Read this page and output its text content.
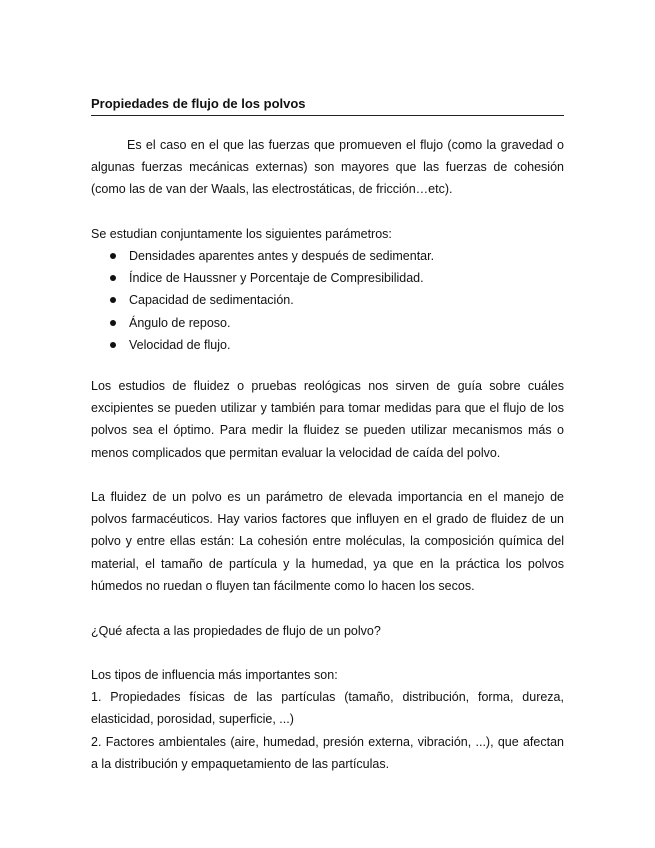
Propiedades de flujo de los polvos

Es el caso en el que las fuerzas que promueven el flujo (como la gravedad o
algunas fuerzas mecánicas externas) son mayores que las fuerzas de cohesión
(como las de van der Waals, las electrostáticas, de fricción…etc).

Se estudian conjuntamente los siguientes parámetros:
Densidades aparentes antes y después de sedimentar.
Índice de Haussner y Porcentaje de Compresibilidad.
Capacidad de sedimentación.
Ángulo de reposo.
Velocidad de flujo.

Los estudios de fluidez o pruebas reológicas nos sirven de guía sobre cuáles
excipientes se pueden utilizar y también para tomar medidas para que el flujo de los
polvos sea el óptimo. Para medir la fluidez se pueden utilizar mecanismos más o
menos complicados que permitan evaluar la velocidad de caída del polvo.

La fluidez de un polvo es un parámetro de elevada importancia en el manejo de
polvos farmacéuticos. Hay varios factores que influyen en el grado de fluidez de un
polvo y entre ellas están: La cohesión entre moléculas, la composición química del
material, el tamaño de partícula y la humedad, ya que en la práctica los polvos
húmedos no ruedan o fluyen tan fácilmente como lo hacen los secos.

¿Qué afecta a las propiedades de flujo de un polvo?
Los tipos de influencia más importantes son:

1. Propiedades físicas de las partículas (tamaño, distribución, forma, dureza,
elasticidad, porosidad, superficie, ...)

2. Factores ambientales (aire, humedad, presión externa, vibración, ...), que afectan
a la distribución y empaquetamiento de las partículas.
